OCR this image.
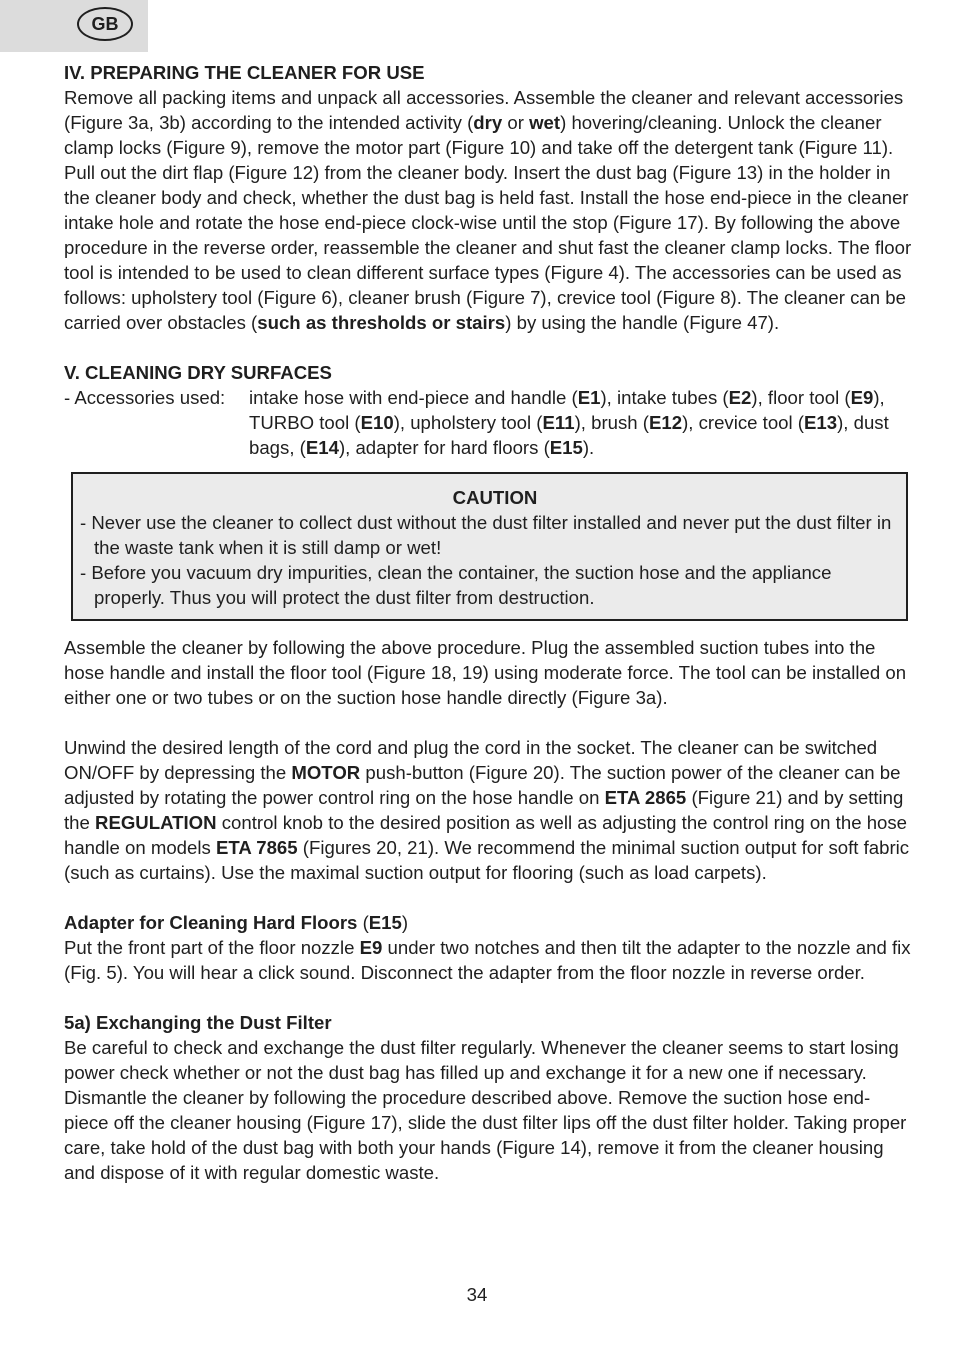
GB

IV. PREPARING THE CLEANER FOR USE

Remove all packing items and unpack all accessories. Assemble the cleaner and relevant accessories (Figure 3a, 3b) according to the intended activity (dry or wet) hovering/cleaning. Unlock the cleaner clamp locks (Figure 9), remove the motor part (Figure 10) and take off the detergent tank (Figure 11). Pull out the dirt flap (Figure 12) from the cleaner body. Insert the dust bag (Figure 13) in the holder in the cleaner body and check, whether the dust bag is held fast. Install the hose end-piece in the cleaner intake hole and rotate the hose end-piece clock-wise until the stop (Figure 17). By following the above procedure in the reverse order, reassemble the cleaner and shut fast the cleaner clamp locks. The floor tool is intended to be used to clean different surface types (Figure 4). The accessories can be used as follows: upholstery tool (Figure 6), cleaner brush (Figure 7), crevice tool (Figure 8). The cleaner can be carried over obstacles (such as thresholds or stairs) by using the handle (Figure 47).

V. CLEANING DRY SURFACES

- Accessories used: intake hose with end-piece and handle (E1), intake tubes (E2), floor tool (E9), TURBO tool (E10), upholstery tool (E11), brush (E12), crevice tool (E13), dust bags, (E14), adapter for hard floors (E15).

CAUTION

- Never use the cleaner to collect dust without the dust filter installed and never put the dust filter in the waste tank when it is still damp or wet!

- Before you vacuum dry impurities, clean the container, the suction hose and the appliance properly. Thus you will protect the dust filter from destruction.

Assemble the cleaner by following the above procedure. Plug the assembled suction tubes into the hose handle and install the floor tool (Figure 18, 19) using moderate force. The tool can be installed on either one or two tubes or on the suction hose handle directly (Figure 3a).

Unwind the desired length of the cord and plug the cord in the socket. The cleaner can be switched ON/OFF by depressing the MOTOR push-button (Figure 20). The suction power of the cleaner can be adjusted by rotating the power control ring on the hose handle on ETA 2865 (Figure 21) and by setting the REGULATION control knob to the desired position as well as adjusting the control ring on the hose handle on models ETA 7865 (Figures 20, 21). We recommend the minimal suction output for soft fabric (such as curtains). Use the maximal suction output for flooring (such as load carpets).

Adapter for Cleaning Hard Floors (E15)

Put the front part of the floor nozzle E9 under two notches and then tilt the adapter to the nozzle and fix (Fig. 5). You will hear a click sound. Disconnect the adapter from the floor nozzle in reverse order.

5a) Exchanging the Dust Filter

Be careful to check and exchange the dust filter regularly. Whenever the cleaner seems to start losing power check whether or not the dust bag has filled up and exchange it for a new one if necessary. Dismantle the cleaner by following the procedure described above. Remove the suction hose end-piece off the cleaner housing (Figure 17), slide the dust filter lips off the dust filter holder. Taking proper care, take hold of the dust bag with both your hands (Figure 14), remove it from the cleaner housing and dispose of it with regular domestic waste.

34
